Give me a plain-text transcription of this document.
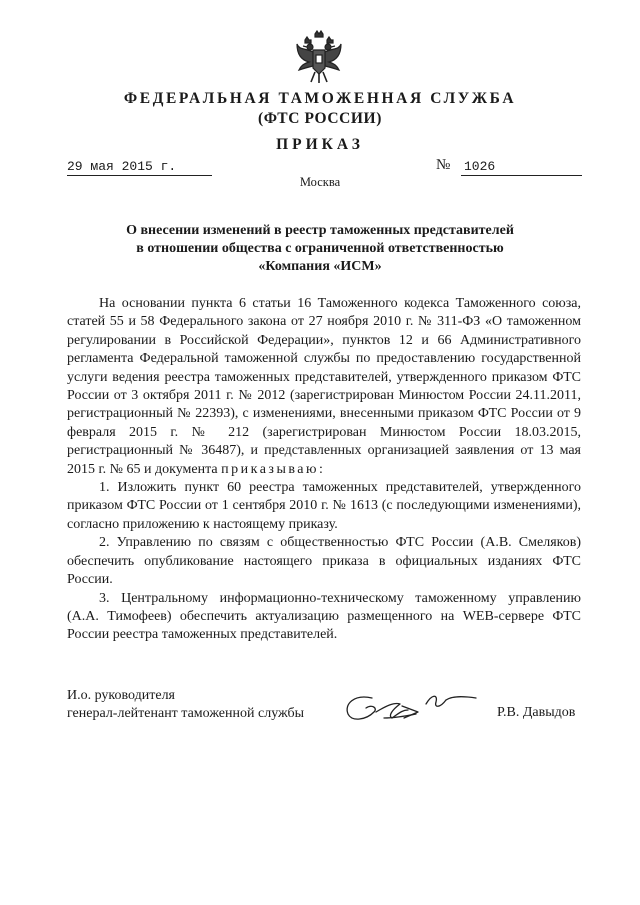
ФЕДЕРАЛЬНАЯ ТАМОЖЕННАЯ СЛУЖБА
(ФТС РОССИИ)
ПРИКАЗ
29 мая 2015 г.	№ 1026
Москва
О внесении изменений в реестр таможенных представителей
в отношении общества с ограниченной ответственностью
«Компания «ИСМ»

На основании пункта 6 статьи 16 Таможенного кодекса Таможенного союза, статей 55 и 58 Федерального закона от 27 ноября 2010 г. № 311-ФЗ «О таможенном регулировании в Российской Федерации», пунктов 12 и 66 Административного регламента Федеральной таможенной службы по предоставлению государственной услуги ведения реестра таможенных представителей, утвержденного приказом ФТС России от 3 октября 2011 г. № 2012 (зарегистрирован Минюстом России 24.11.2011, регистрационный № 22393), с изменениями, внесенными приказом ФТС России от 9 февраля 2015 г. № 212 (зарегистрирован Минюстом России 18.03.2015, регистрационный № 36487), и представленных организацией заявления от 13 мая 2015 г. № 65 и документа приказываю:

1. Изложить пункт 60 реестра таможенных представителей, утвержденного приказом ФТС России от 1 сентября 2010 г. № 1613 (с последующими изменениями), согласно приложению к настоящему приказу.

2. Управлению по связям с общественностью ФТС России (А.В. Смеляков) обеспечить опубликование настоящего приказа в официальных изданиях ФТС России.

3. Центральному информационно-техническому таможенному управлению (А.А. Тимофеев) обеспечить актуализацию размещенного на WEB-сервере ФТС России реестра таможенных представителей.

И.о. руководителя
генерал-лейтенант таможенной службы	Р.В. Давыдов
